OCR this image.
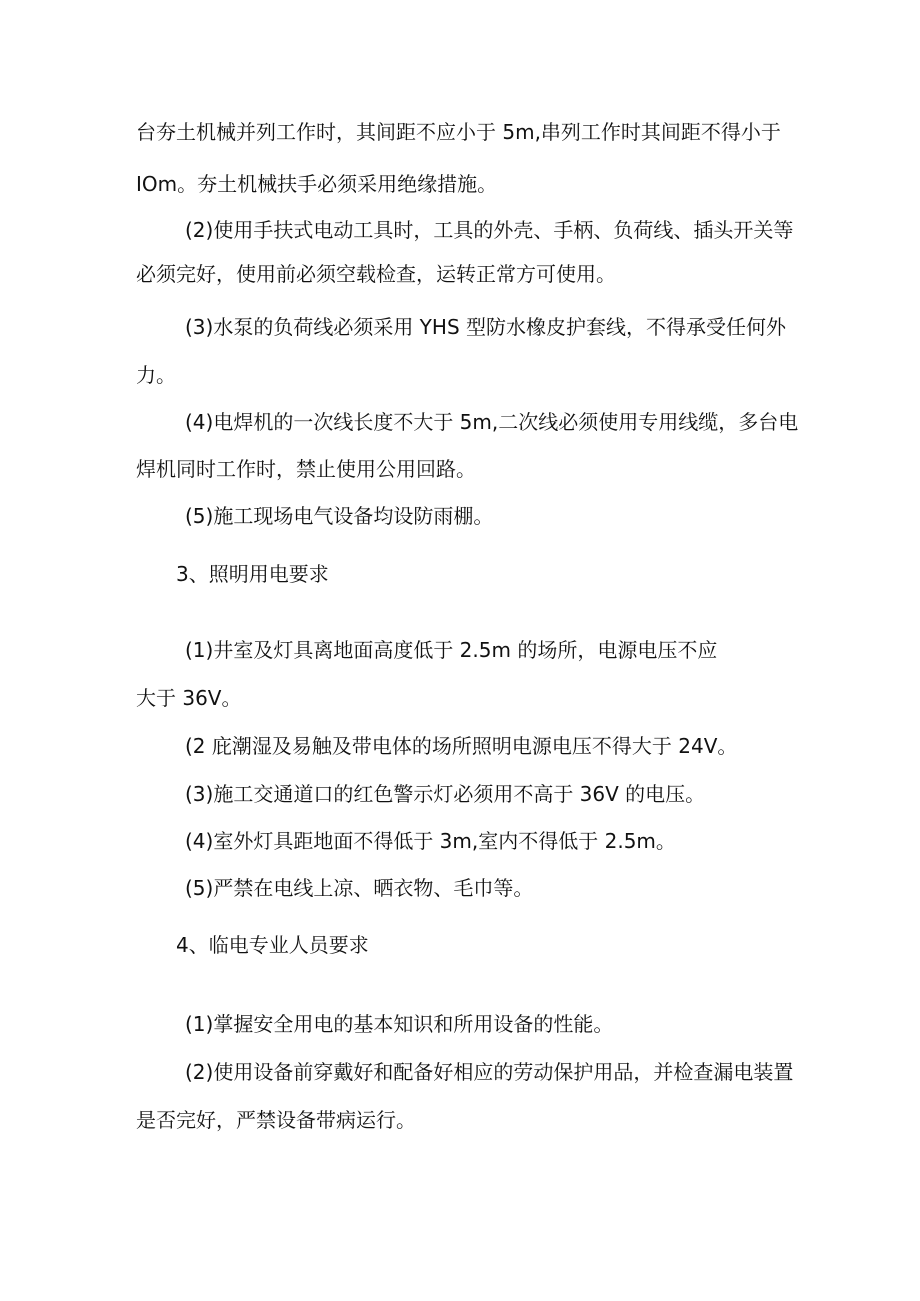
台夯土机械并列工作时，其间距不应小于 5m,串列工作时其间距不得小于
IOm。夯土机械扶手必须采用绝缘措施。
(2)使用手扶式电动工具时，工具的外壳、手柄、负荷线、插头开关等
必须完好，使用前必须空载检查，运转正常方可使用。
(3)水泵的负荷线必须采用 YHS 型防水橡皮护套线，不得承受任何外
力。
(4)电焊机的一次线长度不大于 5m,二次线必须使用专用线缆，多台电
焊机同时工作时，禁止使用公用回路。
(5)施工现场电气设备均设防雨棚。
3、照明用电要求
(1)井室及灯具离地面高度低于 2.5m 的场所，电源电压不应
大于 36V。
(2 庇潮湿及易触及带电体的场所照明电源电压不得大于 24V。
(3)施工交通道口的红色警示灯必须用不高于 36V 的电压。
(4)室外灯具距地面不得低于 3m,室内不得低于 2.5m。
(5)严禁在电线上凉、晒衣物、毛巾等。
4、临电专业人员要求
(1)掌握安全用电的基本知识和所用设备的性能。
(2)使用设备前穿戴好和配备好相应的劳动保护用品，并检查漏电装置
是否完好，严禁设备带病运行。
